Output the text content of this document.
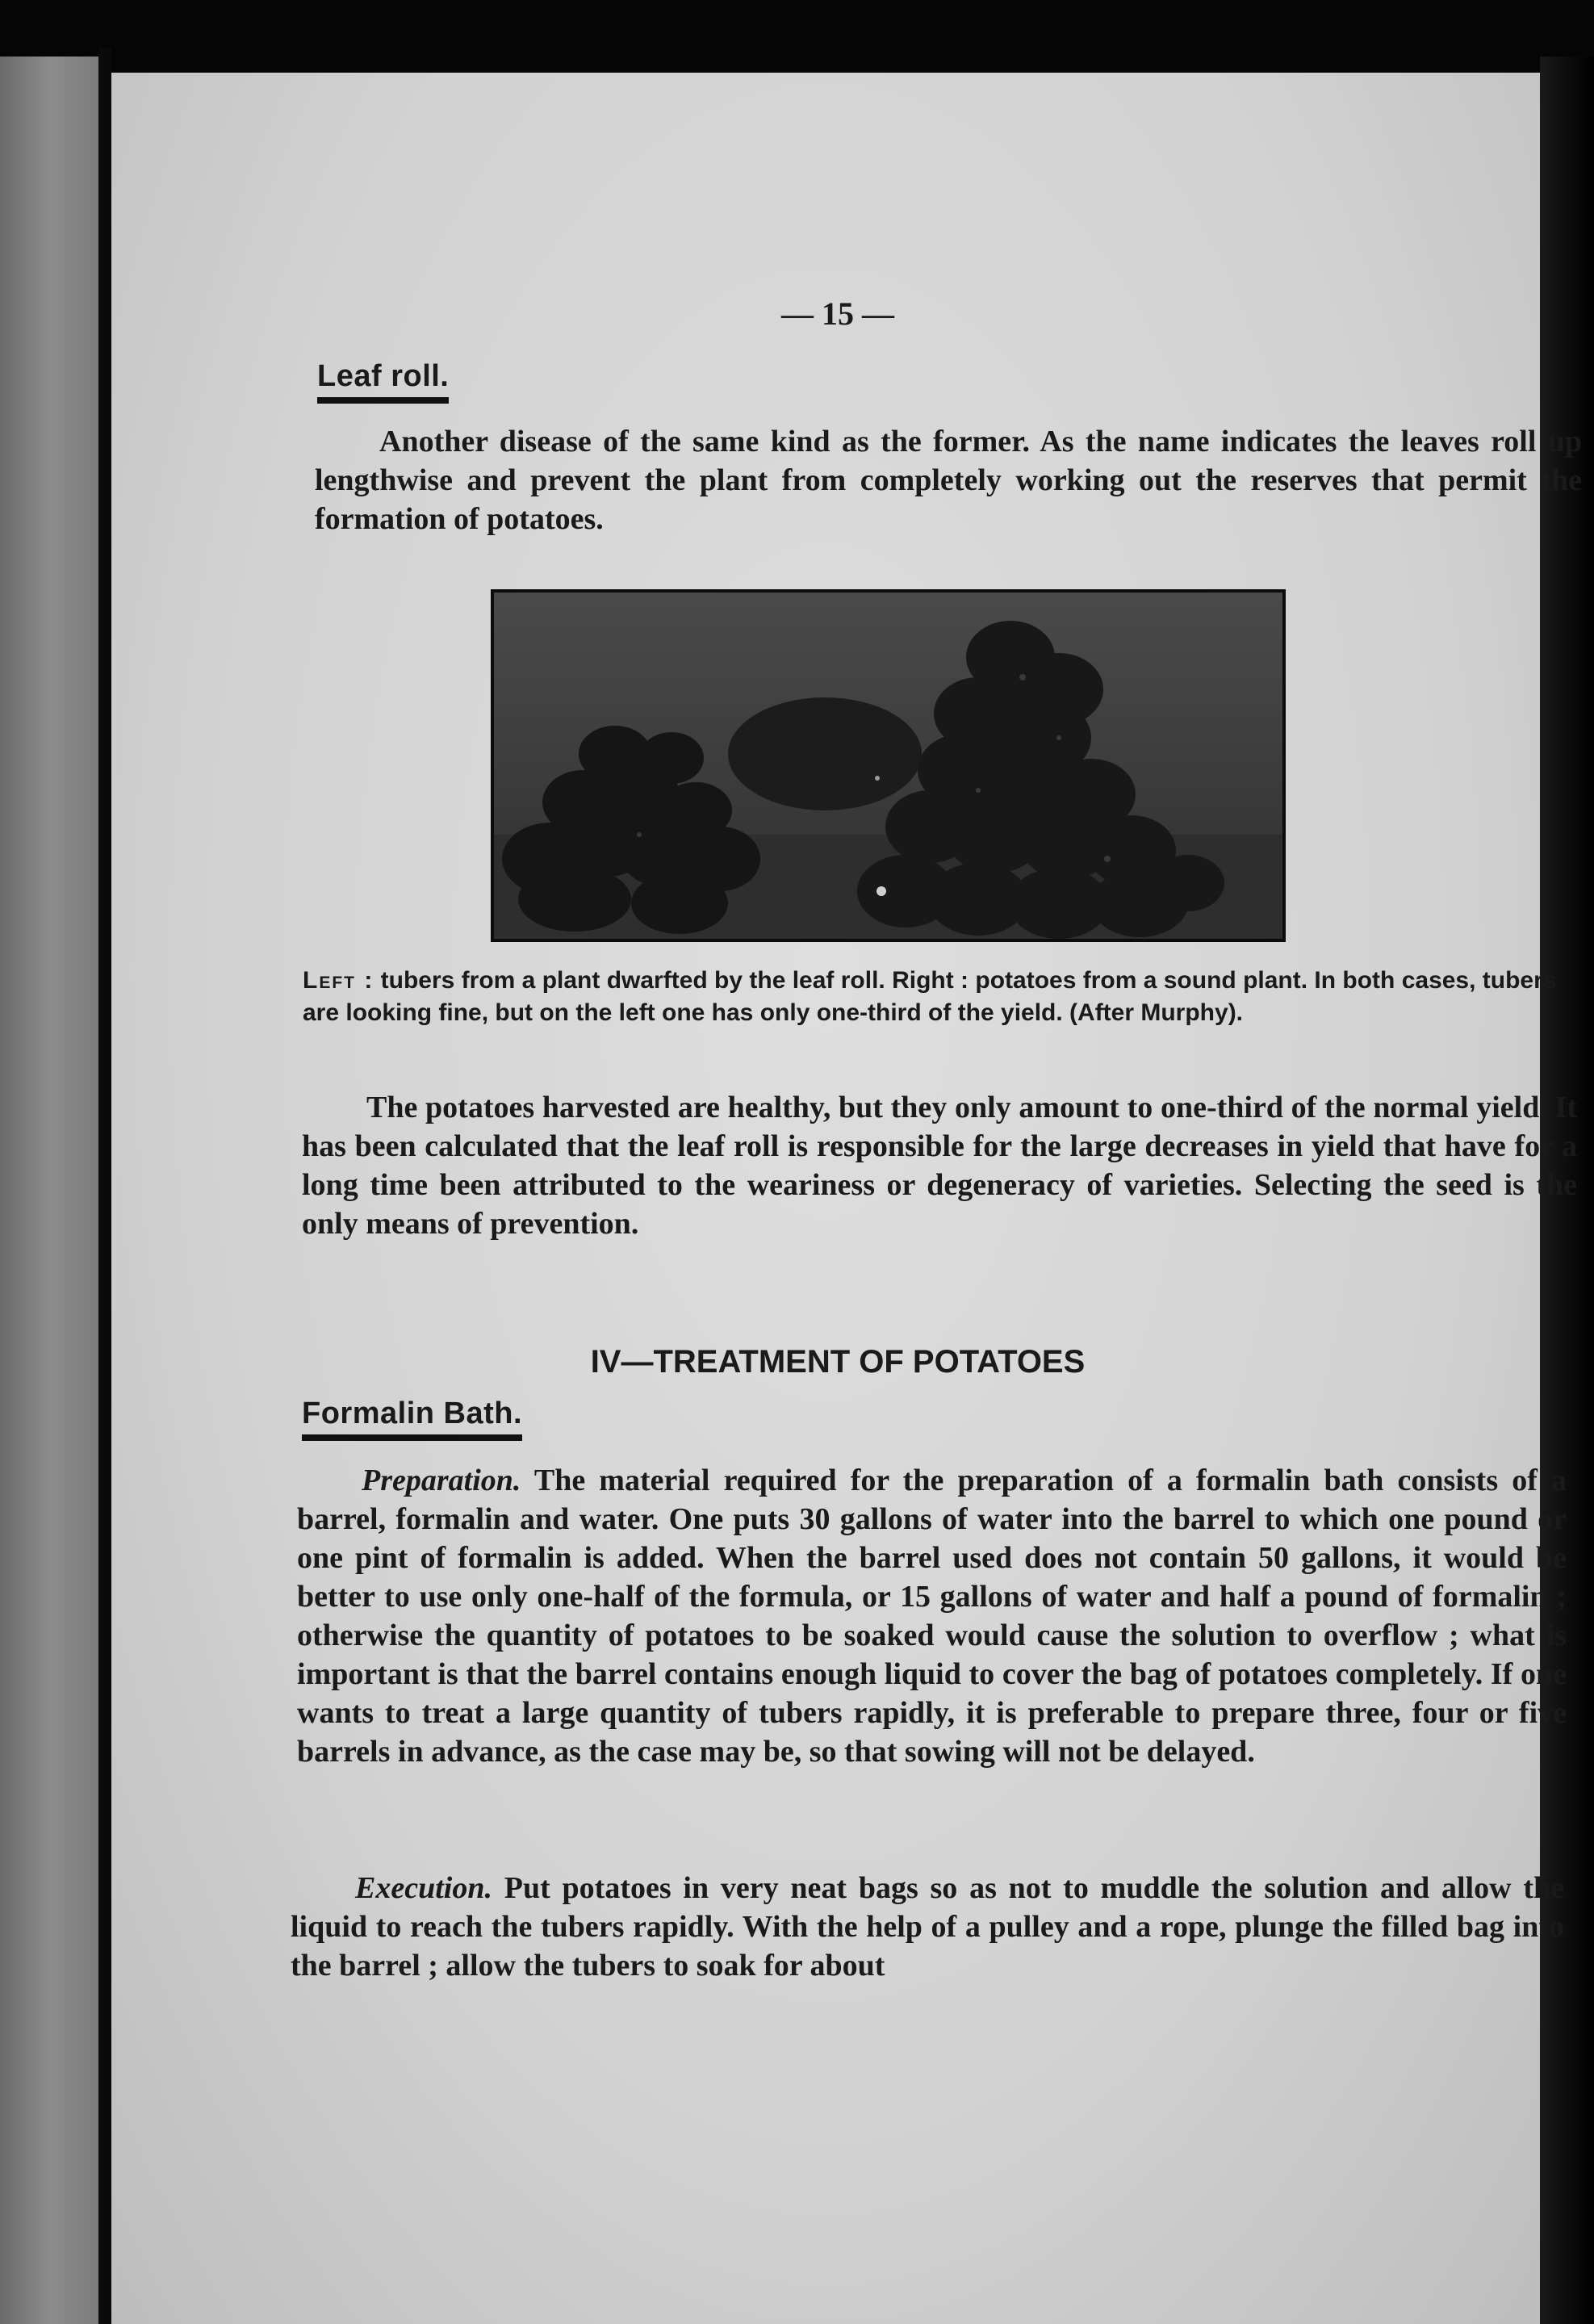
— 15 —
Leaf roll.

Another disease of the same kind as the former. As the name indicates the leaves roll up lengthwise and prevent the plant from completely working out the reserves that permit the formation of potatoes.

Left : tubers from a plant dwarfted by the leaf roll. Right : potatoes from a sound plant. In both cases, tubers are looking fine, but on the left one has only one-third of the yield. (After Murphy).

The potatoes harvested are healthy, but they only amount to one-third of the normal yield. It has been calculated that the leaf roll is responsible for the large decreases in yield that have for a long time been attributed to the weariness or degeneracy of varieties. Selecting the seed is the only means of prevention.

IV—TREATMENT OF POTATOES
Formalin Bath.

Preparation. The material required for the preparation of a formalin bath consists of a barrel, formalin and water. One puts 30 gallons of water into the barrel to which one pound or one pint of formalin is added. When the barrel used does not contain 50 gallons, it would be better to use only one-half of the formula, or 15 gallons of water and half a pound of formalin ; otherwise the quantity of potatoes to be soaked would cause the solution to overflow ; what is important is that the barrel contains enough liquid to cover the bag of potatoes completely. If one wants to treat a large quantity of tubers rapidly, it is preferable to prepare three, four or five barrels in advance, as the case may be, so that sowing will not be delayed.

Execution. Put potatoes in very neat bags so as not to muddle the solution and allow the liquid to reach the tubers rapidly. With the help of a pulley and a rope, plunge the filled bag into the barrel ; allow the tubers to soak for about
